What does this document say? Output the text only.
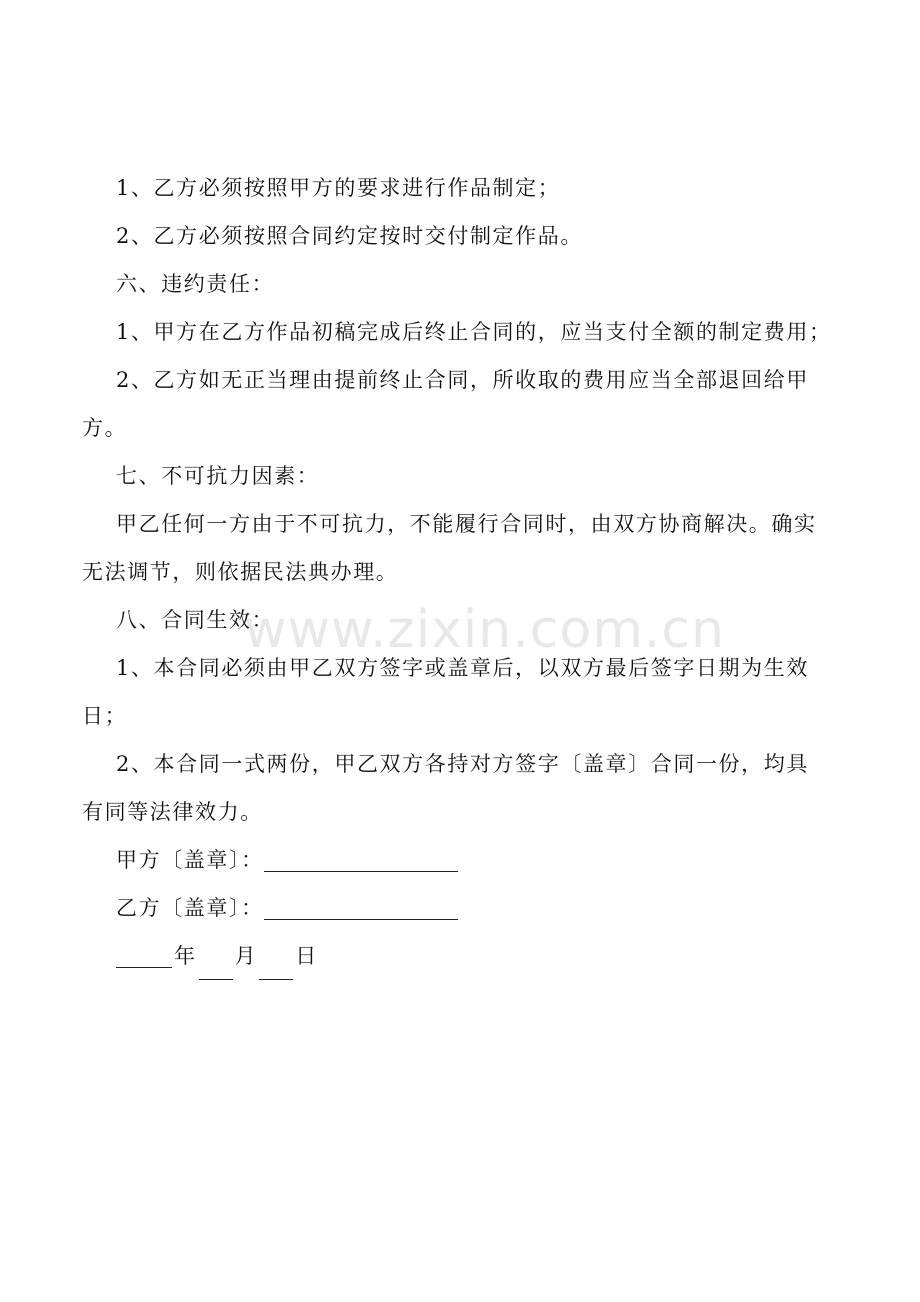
1、乙方必须按照甲方的要求进行作品制定；
2、乙方必须按照合同约定按时交付制定作品。
六、违约责任：
1、甲方在乙方作品初稿完成后终止合同的，应当支付全额的制定费用；
2、乙方如无正当理由提前终止合同，所收取的费用应当全部退回给甲
方。
七、不可抗力因素：
甲乙任何一方由于不可抗力，不能履行合同时，由双方协商解决。确实
无法调节，则依据民法典办理。
八、合同生效：
1、本合同必须由甲乙双方签字或盖章后，以双方最后签字日期为生效
日；
2、本合同一式两份，甲乙双方各持对方签字〔盖章〕合同一份，均具
有同等法律效力。
甲方〔盖章〕：
乙方〔盖章〕：
年 月 日
www.zixin.com.cn
